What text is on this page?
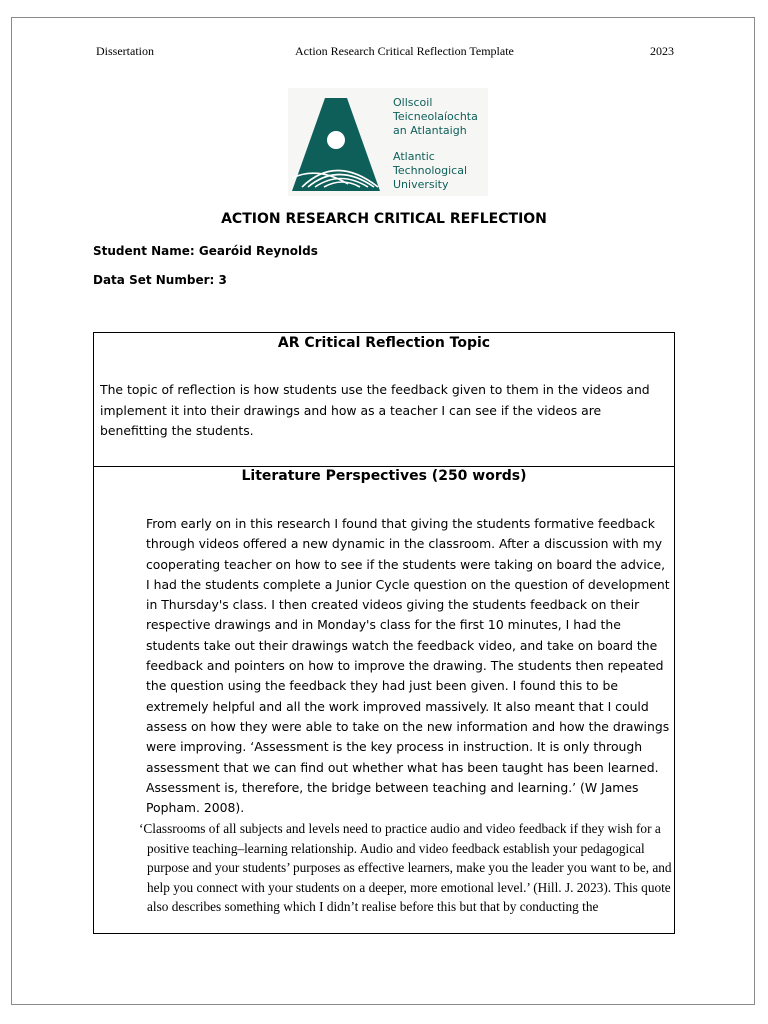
Dissertation	Action Research Critical Reflection Template	2023
Ollscoil Teicneolaíochta an Atlantaigh
Atlantic Technological University
ACTION RESEARCH CRITICAL REFLECTION
Student Name: Gearóid Reynolds
Data Set Number: 3
AR Critical Reflection Topic
The topic of reflection is how students use the feedback given to them in the videos and implement it into their drawings and how as a teacher I can see if the videos are benefitting the students.
Literature Perspectives (250 words)
From early on in this research I found that giving the students formative feedback through videos offered a new dynamic in the classroom. After a discussion with my cooperating teacher on how to see if the students were taking on board the advice, I had the students complete a Junior Cycle question on the question of development in Thursday's class. I then created videos giving the students feedback on their respective drawings and in Monday's class for the first 10 minutes, I had the students take out their drawings watch the feedback video, and take on board the feedback and pointers on how to improve the drawing. The students then repeated the question using the feedback they had just been given. I found this to be extremely helpful and all the work improved massively. It also meant that I could assess on how they were able to take on the new information and how the drawings were improving. ‘Assessment is the key process in instruction. It is only through assessment that we can find out whether what has been taught has been learned. Assessment is, therefore, the bridge between teaching and learning.’ (W James Popham. 2008).
‘Classrooms of all subjects and levels need to practice audio and video feedback if they wish for a positive teaching–learning relationship. Audio and video feedback establish your pedagogical purpose and your students’ purposes as effective learners, make you the leader you want to be, and help you connect with your students on a deeper, more emotional level.’ (Hill. J. 2023). This quote also describes something which I didn’t realise before this but that by conducting the
